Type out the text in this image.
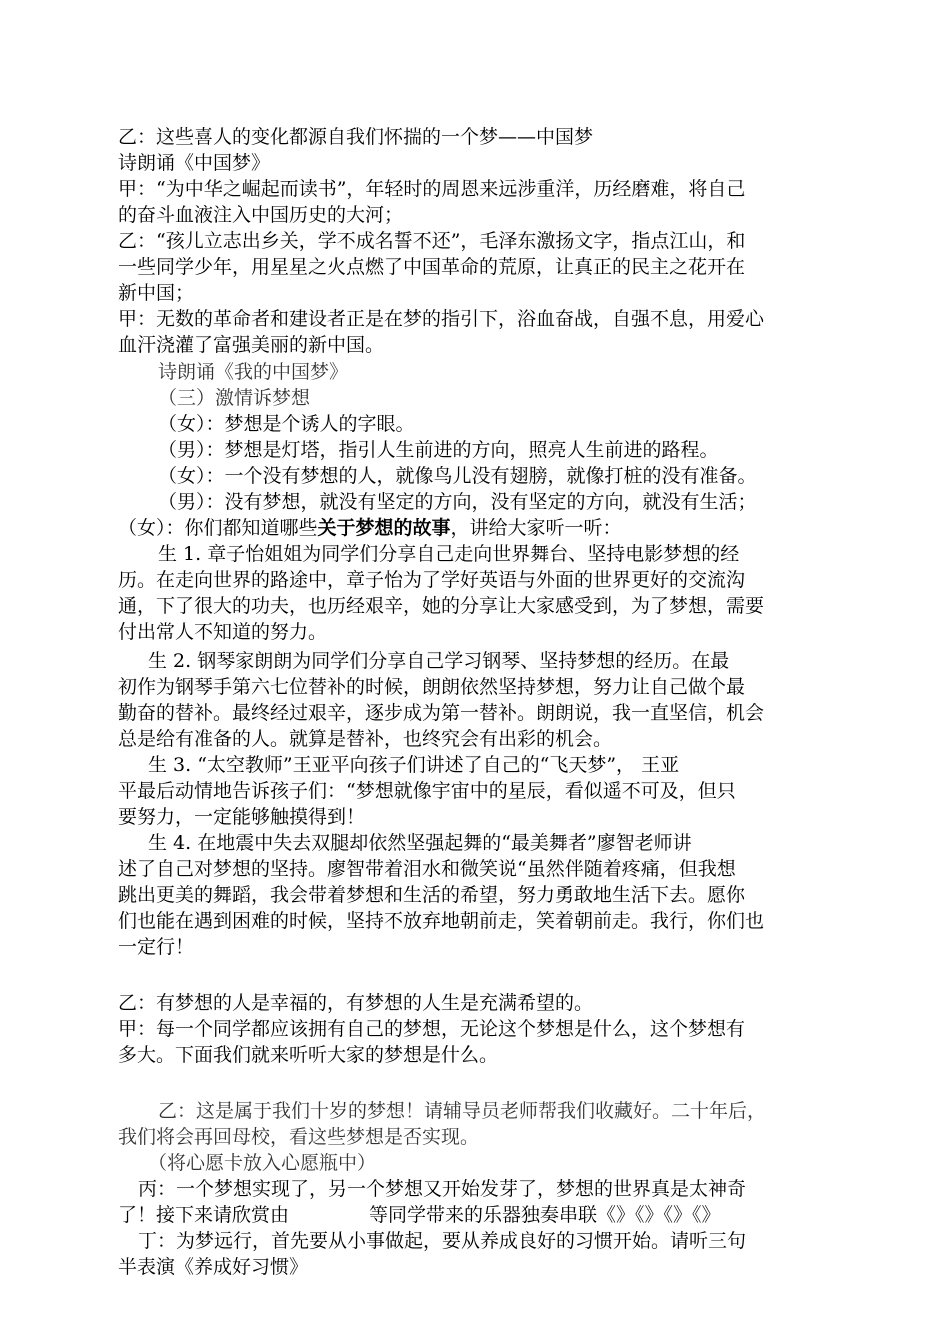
乙：这些喜人的变化都源自我们怀揣的一个梦——中国梦
诗朗诵《中国梦》
甲：“为中华之崛起而读书”，年轻时的周恩来远涉重洋，历经磨难，将自己
的奋斗血液注入中国历史的大河；
乙：“孩儿立志出乡关，学不成名誓不还”，毛泽东激扬文字，指点江山，和
一些同学少年，用星星之火点燃了中国革命的荒原，让真正的民主之花开在
新中国；
甲：无数的革命者和建设者正是在梦的指引下，浴血奋战，自强不息，用爱心
血汗浇灌了富强美丽的新中国。
诗朗诵《我的中国梦》
（三）激情诉梦想
（女）：梦想是个诱人的字眼。
（男）：梦想是灯塔，指引人生前进的方向，照亮人生前进的路程。
（女）：一个没有梦想的人，就像鸟儿没有翅膀，就像打桩的没有准备。
（男）：没有梦想，就没有坚定的方向，没有坚定的方向，就没有生活；
（女）：你们都知道哪些关于梦想的故事，讲给大家听一听：
生 1. 章子怡姐姐为同学们分享自己走向世界舞台、坚持电影梦想的经
历。在走向世界的路途中，章子怡为了学好英语与外面的世界更好的交流沟
通，下了很大的功夫，也历经艰辛，她的分享让大家感受到，为了梦想，需要
付出常人不知道的努力。
生 2. 钢琴家朗朗为同学们分享自己学习钢琴、坚持梦想的经历。在最
初作为钢琴手第六七位替补的时候，朗朗依然坚持梦想，努力让自己做个最
勤奋的替补。最终经过艰辛，逐步成为第一替补。朗朗说，我一直坚信，机会
总是给有准备的人。就算是替补，也终究会有出彩的机会。
生 3. “太空教师”王亚平向孩子们讲述了自己的“飞天梦”， 王亚
平最后动情地告诉孩子们：“梦想就像宇宙中的星辰，看似遥不可及，但只
要努力，一定能够触摸得到！
生 4. 在地震中失去双腿却依然坚强起舞的“最美舞者”廖智老师讲
述了自己对梦想的坚持。廖智带着泪水和微笑说“虽然伴随着疼痛，但我想
跳出更美的舞蹈，我会带着梦想和生活的希望，努力勇敢地生活下去。愿你
们也能在遇到困难的时候，坚持不放弃地朝前走，笑着朝前走。我行，你们也
一定行！
乙：有梦想的人是幸福的，有梦想的人生是充满希望的。
甲：每一个同学都应该拥有自己的梦想，无论这个梦想是什么，这个梦想有
多大。下面我们就来听听大家的梦想是什么。
乙：这是属于我们十岁的梦想！请辅导员老师帮我们收藏好。二十年后，
我们将会再回母校，看这些梦想是否实现。
（将心愿卡放入心愿瓶中）
丙：一个梦想实现了，另一个梦想又开始发芽了，梦想的世界真是太神奇
了！接下来请欣赏由	等同学带来的乐器独奏串联《》《》《》《》
丁：为梦远行，首先要从小事做起，要从养成良好的习惯开始。请听三句
半表演《养成好习惯》
